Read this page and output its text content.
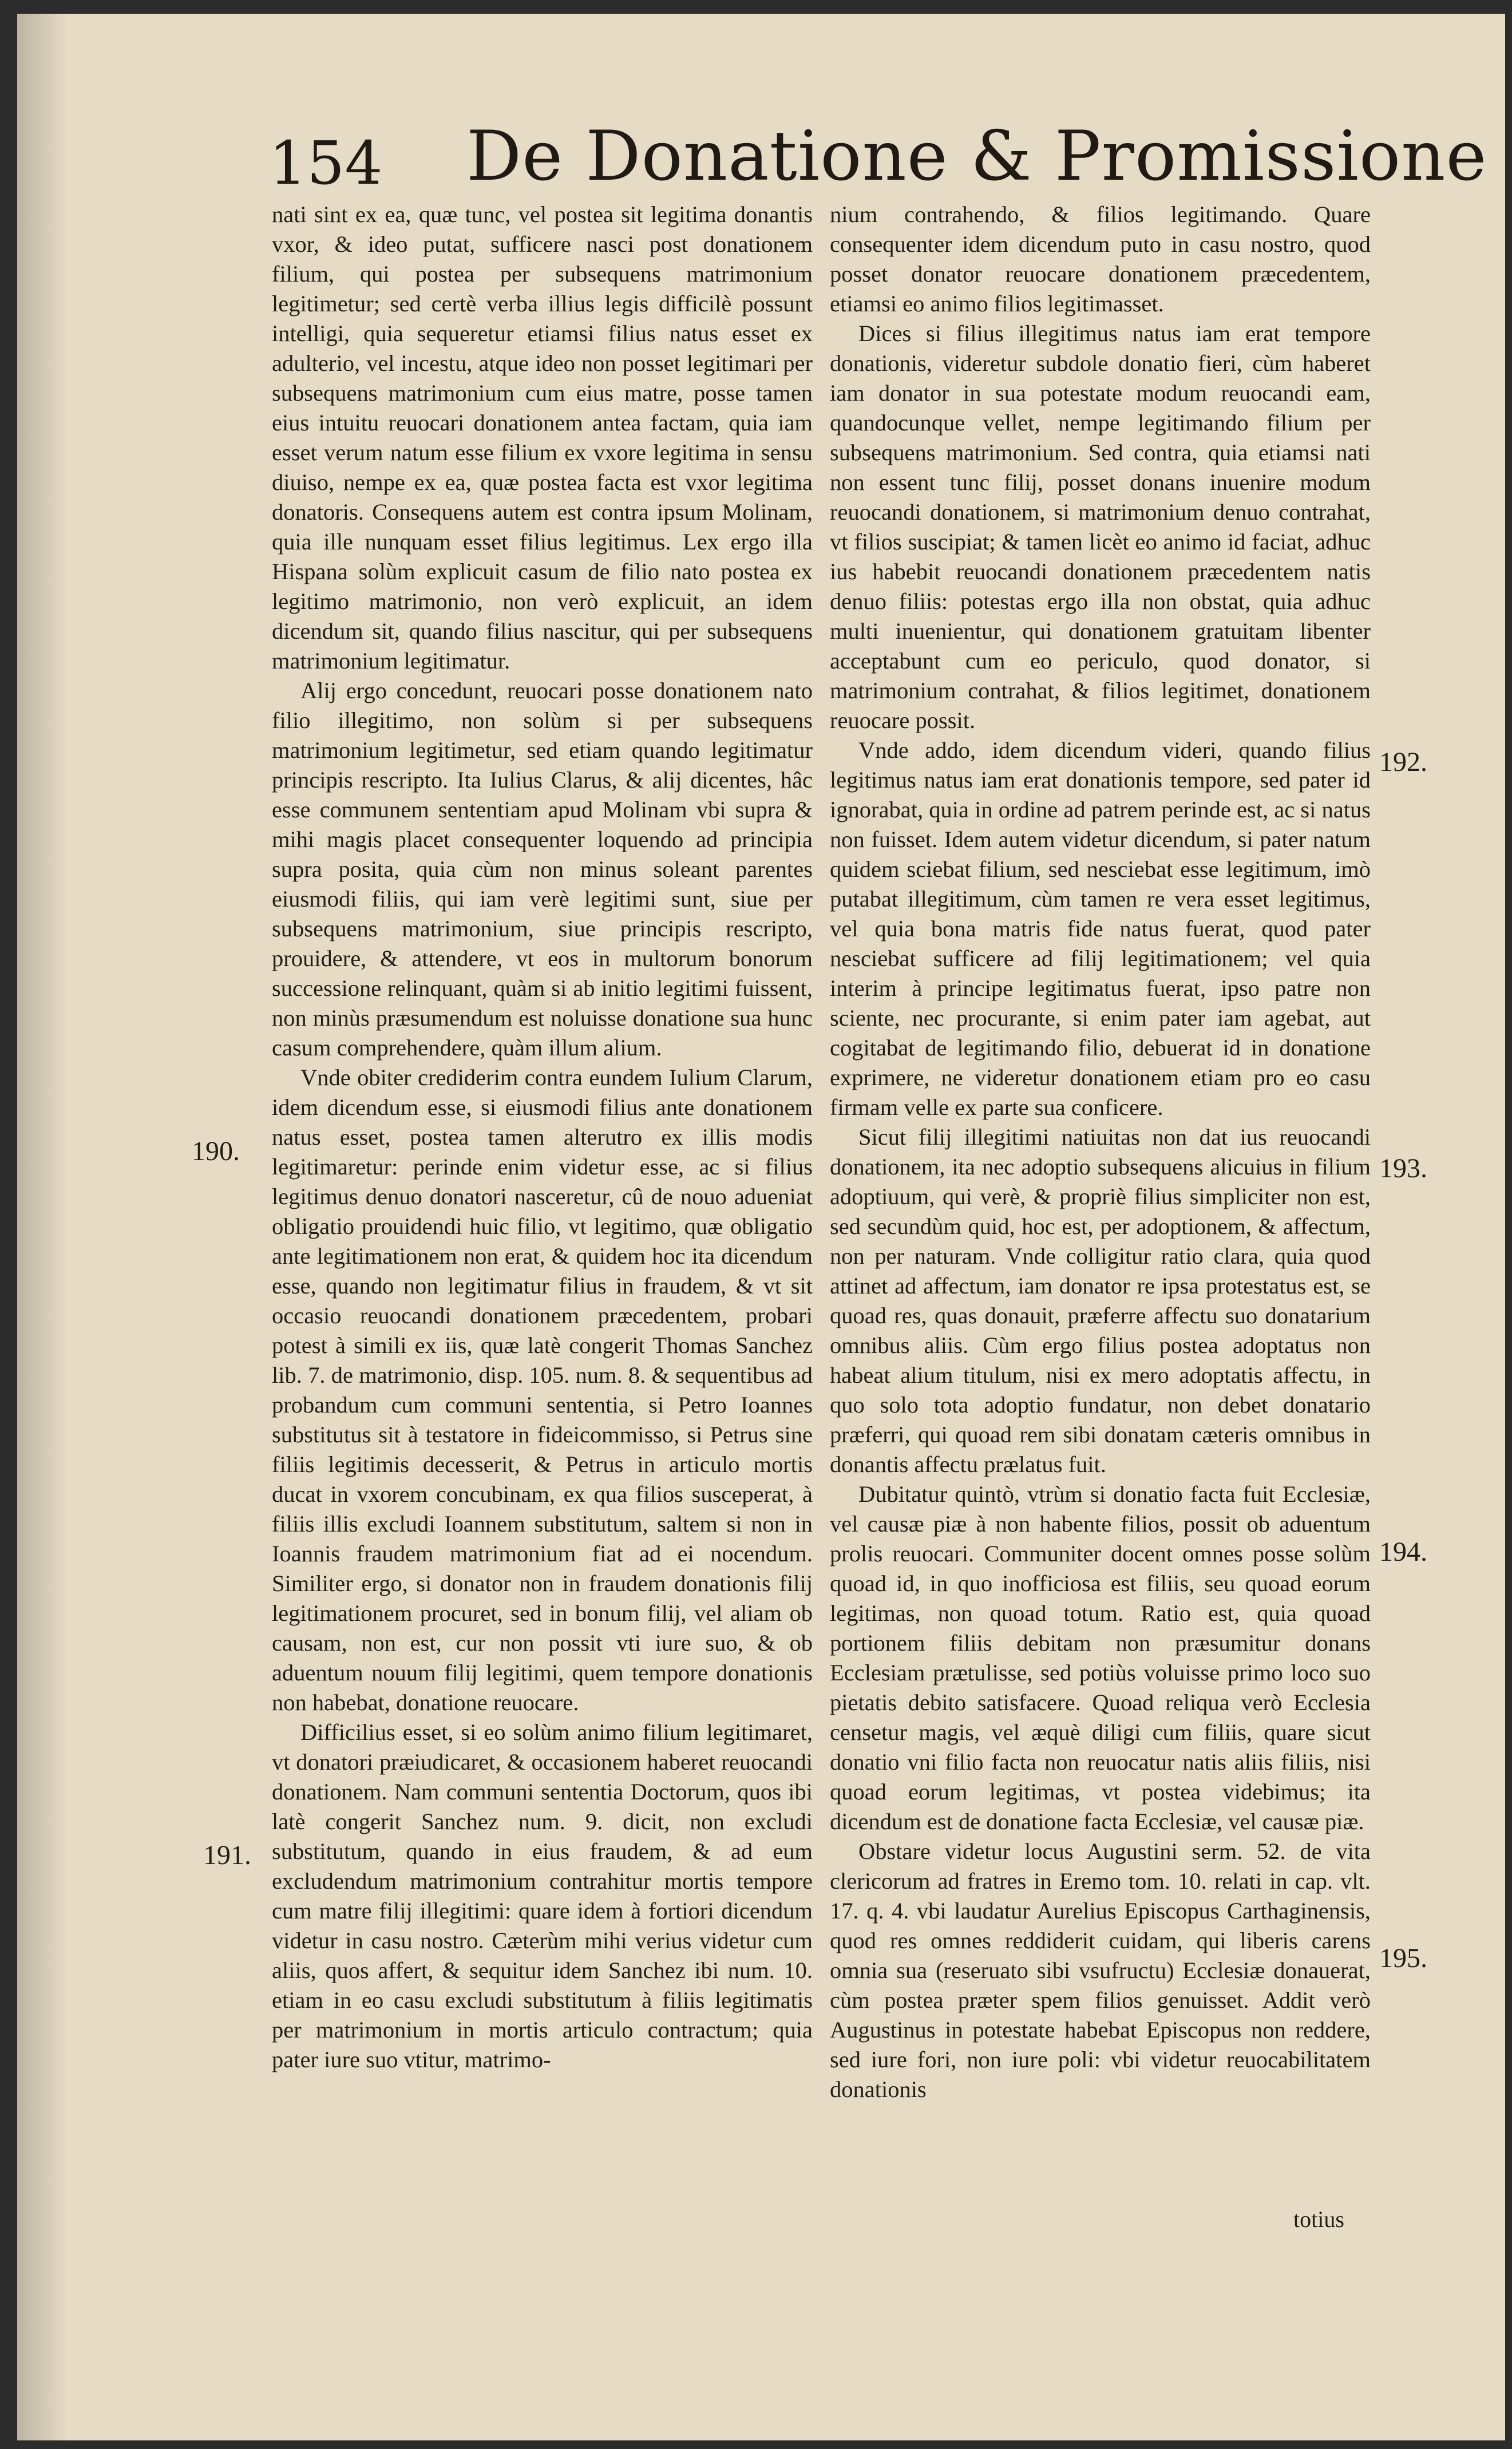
154 De Donatione & Promissione

nati sint ex ea, quæ tunc, vel postea sit legitima donantis vxor, & ideo putat, sufficere nasci post donationem filium, qui postea per subsequens matrimonium legitimetur; sed certè verba illius legis difficilè possunt intelligi, quia sequeretur etiamsi filius natus esset ex adulterio, vel incestu, atque ideo non posset legitimari per subsequens matrimonium cum eius matre, posse tamen eius intuitu reuocari donationem antea factam, quia iam esset verum natum esse filium ex vxore legitima in sensu diuiso, nempe ex ea, quæ postea facta est vxor legitima donatoris. Consequens autem est contra ipsum Molinam, quia ille nunquam esset filius legitimus. Lex ergo illa Hispana solùm explicuit casum de filio nato postea ex legitimo matrimonio, non verò explicuit, an idem dicendum sit, quando filius nascitur, qui per subsequens matrimonium legitimatur.

Alij ergo concedunt, reuocari posse donationem nato filio illegitimo, non solùm si per subsequens matrimonium legitimetur, sed etiam quando legitimatur principis rescripto. Ita Iulius Clarus, & alij dicentes, hâc esse communem sententiam apud Molinam vbi supra & mihi magis placet consequenter loquendo ad principia supra posita, quia cùm non minus soleant parentes eiusmodi filiis, qui iam verè legitimi sunt, siue per subsequens matrimonium, siue principis rescripto, prouidere, & attendere, vt eos in multorum bonorum successione relinquant, quàm si ab initio legitimi fuissent, non minùs præsumendum est noluisse donatione sua hunc casum comprehendere, quàm illum alium.

Vnde obiter crediderim contra eundem Iulium Clarum, idem dicendum esse, si eiusmodi filius ante donationem natus esset, postea tamen alterutro ex illis modis legitimaretur: perinde enim videtur esse, ac si filius legitimus denuo donatori nasceretur, cû de nouo adueniat obligatio prouidendi huic filio, vt legitimo, quæ obligatio ante legitimationem non erat, & quidem hoc ita dicendum esse, quando non legitimatur filius in fraudem, & vt sit occasio reuocandi donationem præcedentem, probari potest à simili ex iis, quæ latè congerit Thomas Sanchez lib. 7. de matrimonio, disp. 105. num. 8. & sequentibus ad probandum cum communi sententia, si Petro Ioannes substitutus sit à testatore in fideicommisso, si Petrus sine filiis legitimis decesserit, & Petrus in articulo mortis ducat in vxorem concubinam, ex qua filios susceperat, à filiis illis excludi Ioannem substitutum, saltem si non in Ioannis fraudem matrimonium fiat ad ei nocendum. Similiter ergo, si donator non in fraudem donationis filij legitimationem procuret, sed in bonum filij, vel aliam ob causam, non est, cur non possit vti iure suo, & ob aduentum nouum filij legitimi, quem tempore donationis non habebat, donatione reuocare.

Difficilius esset, si eo solùm animo filium legitimaret, vt donatori præiudicaret, & occasionem haberet reuocandi donationem. Nam communi sententia Doctorum, quos ibi latè congerit Sanchez num. 9. dicit, non excludi substitutum, quando in eius fraudem, & ad eum excludendum matrimonium contrahitur mortis tempore cum matre filij illegitimi: quare idem à fortiori dicendum videtur in casu nostro. Cæterùm mihi verius videtur cum aliis, quos affert, & sequitur idem Sanchez ibi num. 10. etiam in eo casu excludi substitutum à filiis legitimatis per matrimonium in mortis articulo contractum; quia pater iure suo vtitur, matrimo-

nium contrahendo, & filios legitimando. Quare consequenter idem dicendum puto in casu nostro, quod posset donator reuocare donationem præcedentem, etiamsi eo animo filios legitimasset.

Dices si filius illegitimus natus iam erat tempore donationis, videretur subdole donatio fieri, cùm haberet iam donator in sua potestate modum reuocandi eam, quandocunque vellet, nempe legitimando filium per subsequens matrimonium. Sed contra, quia etiamsi nati non essent tunc filij, posset donans inuenire modum reuocandi donationem, si matrimonium denuo contrahat, vt filios suscipiat; & tamen licèt eo animo id faciat, adhuc ius habebit reuocandi donationem præcedentem natis denuo filiis: potestas ergo illa non obstat, quia adhuc multi inuenientur, qui donationem gratuitam libenter acceptabunt cum eo periculo, quod donator, si matrimonium contrahat, & filios legitimet, donationem reuocare possit.

Vnde addo, idem dicendum videri, quando filius legitimus natus iam erat donationis tempore, sed pater id ignorabat, quia in ordine ad patrem perinde est, ac si natus non fuisset. Idem autem videtur dicendum, si pater natum quidem sciebat filium, sed nesciebat esse legitimum, imò putabat illegitimum, cùm tamen re vera esset legitimus, vel quia bona matris fide natus fuerat, quod pater nesciebat sufficere ad filij legitimationem; vel quia interim à principe legitimatus fuerat, ipso patre non sciente, nec procurante, si enim pater iam agebat, aut cogitabat de legitimando filio, debuerat id in donatione exprimere, ne videretur donationem etiam pro eo casu firmam velle ex parte sua conficere.

Sicut filij illegitimi natiuitas non dat ius reuocandi donationem, ita nec adoptio subsequens alicuius in filium adoptiuum, qui verè, & propriè filius simpliciter non est, sed secundùm quid, hoc est, per adoptionem, & affectum, non per naturam. Vnde colligitur ratio clara, quia quod attinet ad affectum, iam donator re ipsa protestatus est, se quoad res, quas donauit, præferre affectu suo donatarium omnibus aliis. Cùm ergo filius postea adoptatus non habeat alium titulum, nisi ex mero adoptatis affectu, in quo solo tota adoptio fundatur, non debet donatario præferri, qui quoad rem sibi donatam cæteris omnibus in donantis affectu prælatus fuit.

Dubitatur quintò, vtrùm si donatio facta fuit Ecclesiæ, vel causæ piæ à non habente filios, possit ob aduentum prolis reuocari. Communiter docent omnes posse solùm quoad id, in quo inofficiosa est filiis, seu quoad eorum legitimas, non quoad totum. Ratio est, quia quoad portionem filiis debitam non præsumitur donans Ecclesiam prætulisse, sed potiùs voluisse primo loco suo pietatis debito satisfacere. Quoad reliqua verò Ecclesia censetur magis, vel æquè diligi cum filiis, quare sicut donatio vni filio facta non reuocatur natis aliis filiis, nisi quoad eorum legitimas, vt postea videbimus; ita dicendum est de donatione facta Ecclesiæ, vel causæ piæ.

Obstare videtur locus Augustini serm. 52. de vita clericorum ad fratres in Eremo tom. 10. relati in cap. vlt. 17. q. 4. vbi laudatur Aurelius Episcopus Carthaginensis, quod res omnes reddiderit cuidam, qui liberis carens omnia sua (reseruato sibi vsufructu) Ecclesiæ donauerat, cùm postea præter spem filios genuisset. Addit verò Augustinus in potestate habebat Episcopus non reddere, sed iure fori, non iure poli: vbi videtur reuocabilitatem donationis

190.
191.
192.
193.
194.
195.
totius
